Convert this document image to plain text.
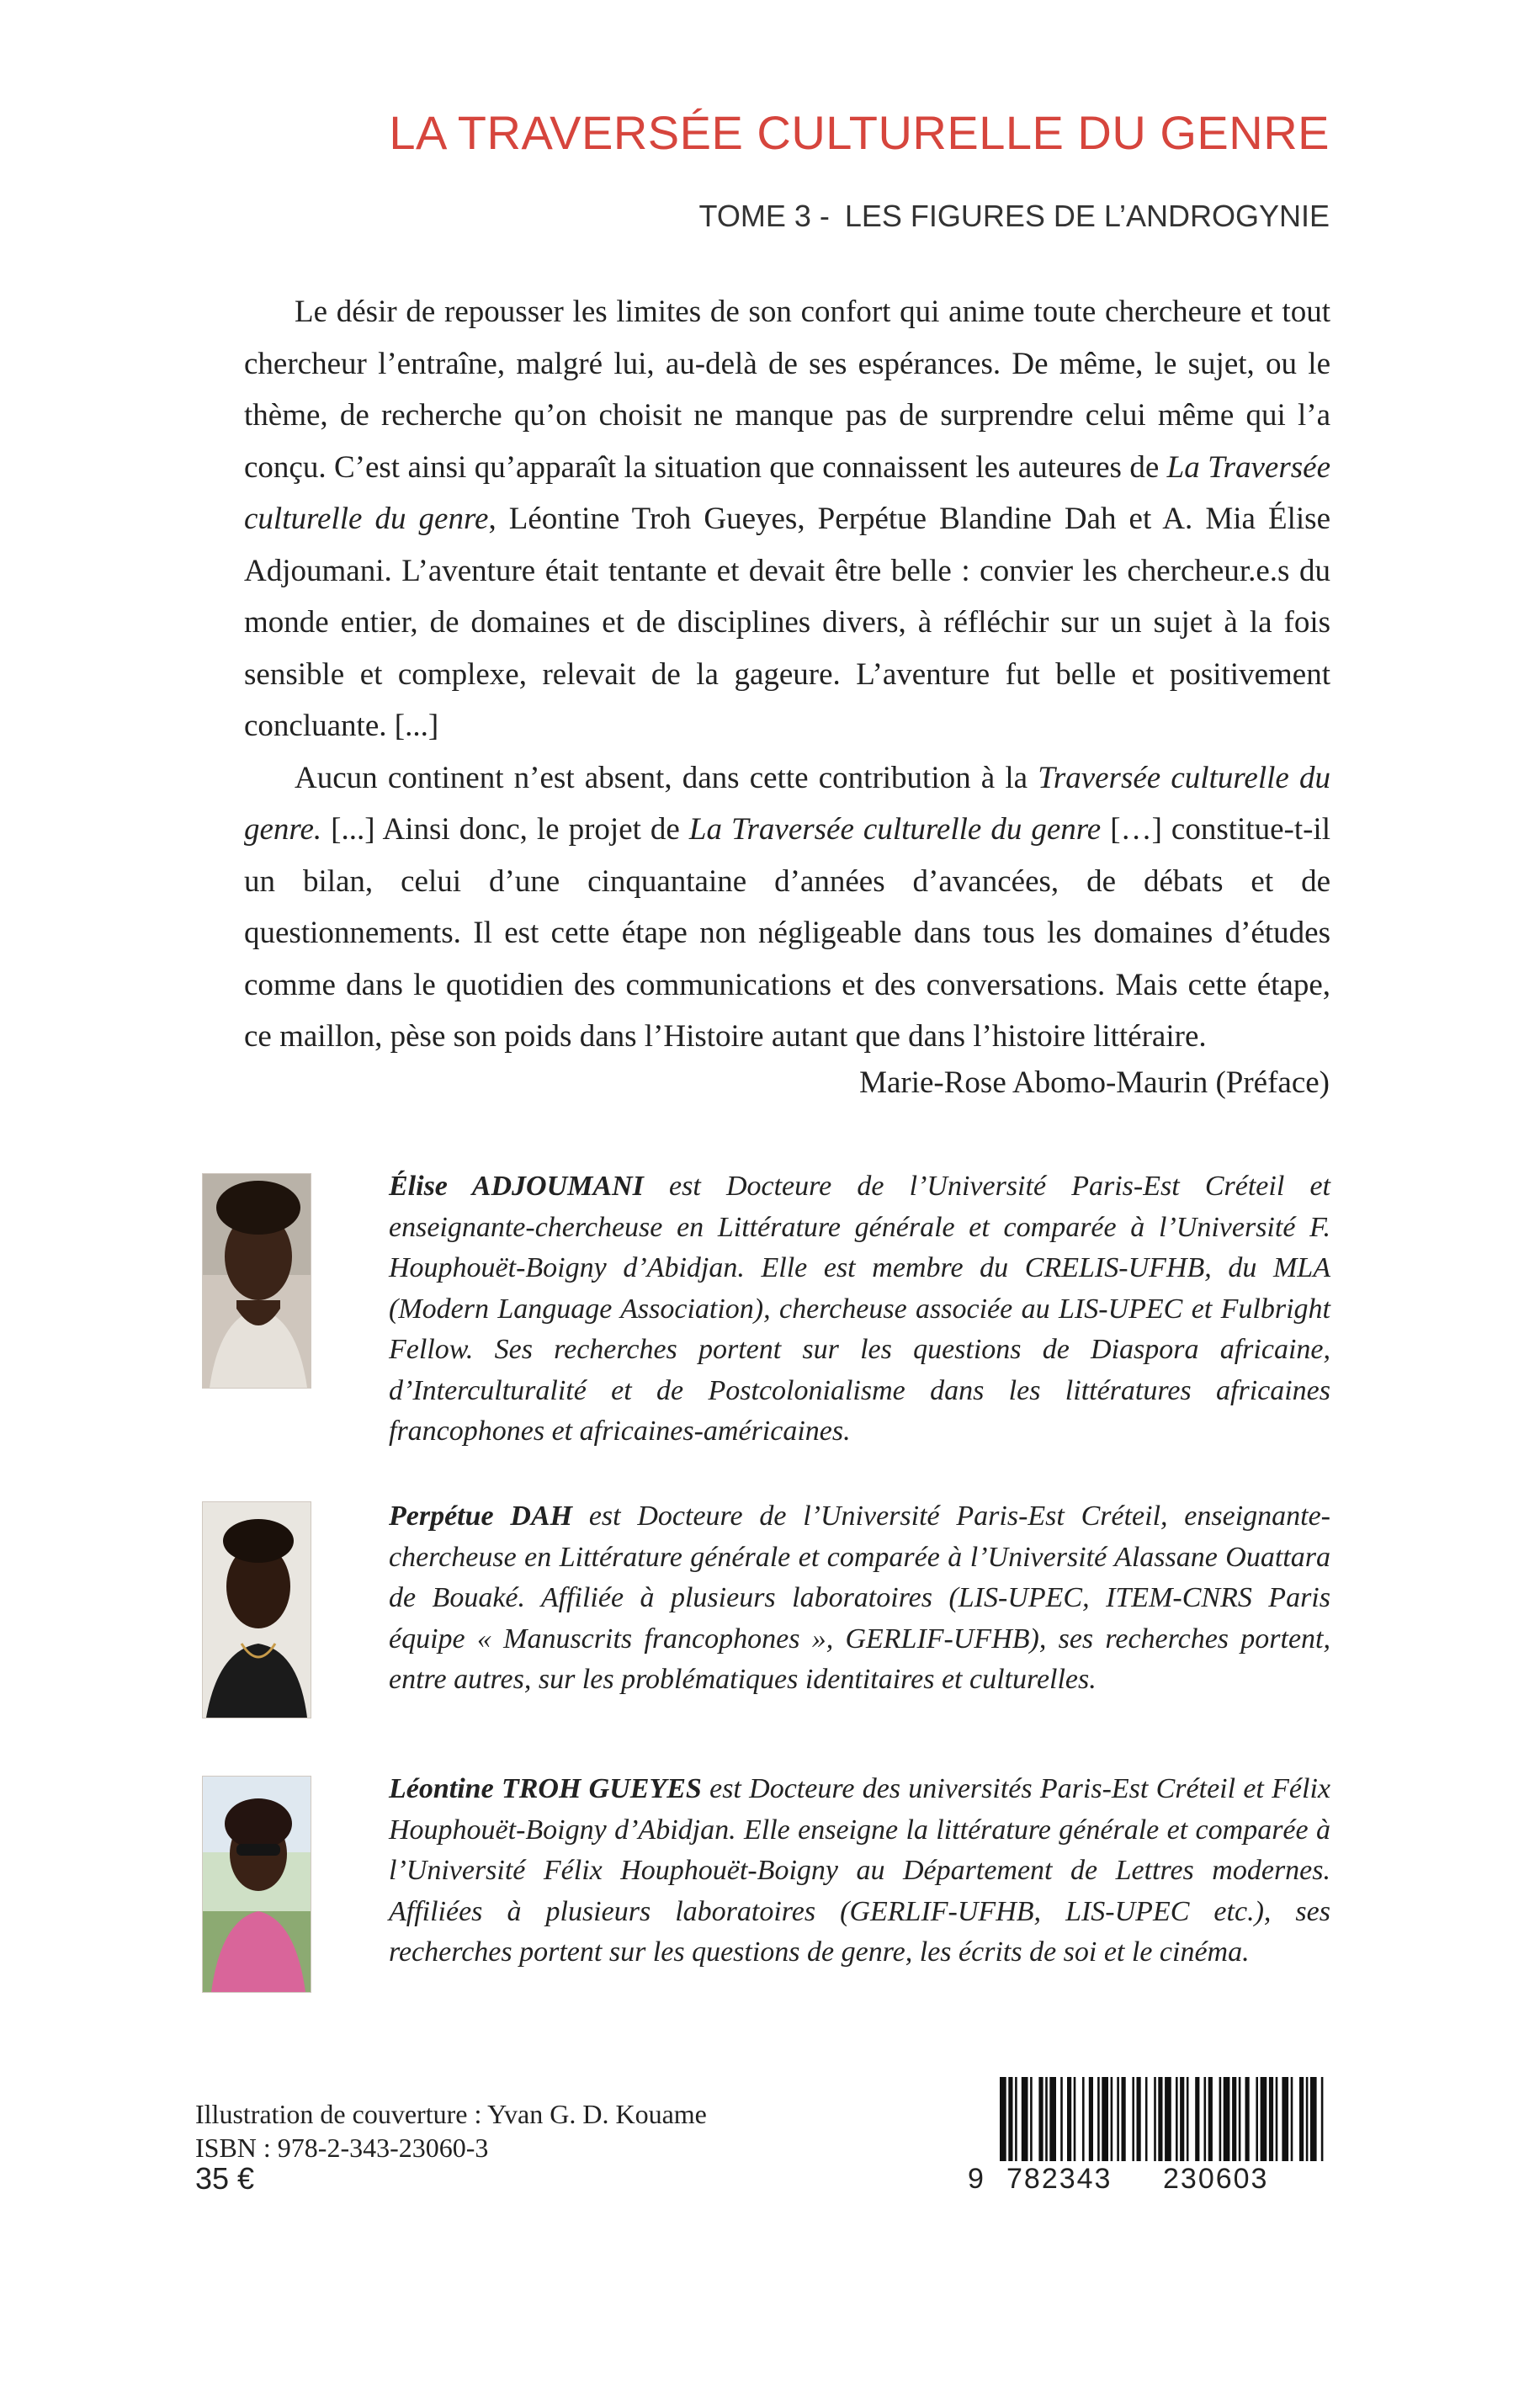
LA TRAVERSÉE CULTURELLE DU GENRE
TOME 3 - LES FIGURES DE L’ANDROGYNIE

Le désir de repousser les limites de son confort qui anime toute chercheure et tout chercheur l’entraîne, malgré lui, au-delà de ses espérances. De même, le sujet, ou le thème, de recherche qu’on choisit ne manque pas de surprendre celui même qui l’a conçu. C’est ainsi qu’apparaît la situation que connaissent les auteures de La Traversée culturelle du genre, Léontine Troh Gueyes, Perpétue Blandine Dah et A. Mia Élise Adjoumani. L’aventure était tentante et devait être belle : convier les chercheur.e.s du monde entier, de domaines et de disciplines divers, à réfléchir sur un sujet à la fois sensible et complexe, relevait de la gageure. L’aventure fut belle et positivement concluante. [...]

Aucun continent n’est absent, dans cette contribution à la Traversée culturelle du genre. [...] Ainsi donc, le projet de La Traversée culturelle du genre […] constitue-t-il un bilan, celui d’une cinquantaine d’années d’avancées, de débats et de questionnements. Il est cette étape non négligeable dans tous les domaines d’études comme dans le quotidien des communications et des conversations. Mais cette étape, ce maillon, pèse son poids dans l’Histoire autant que dans l’histoire littéraire.

Marie-Rose Abomo-Maurin (Préface)
Élise ADJOUMANI est Docteure de l’Université Paris-Est Créteil et enseignante-chercheuse en Littérature générale et comparée à l’Université F. Houphouët-Boigny d’Abidjan. Elle est membre du CRELIS-UFHB, du MLA (Modern Language Association), chercheuse associée au LIS-UPEC et Fulbright Fellow. Ses recherches portent sur les questions de Diaspora africaine, d’Interculturalité et de Postcolonialisme dans les littératures africaines francophones et africaines-américaines.
Perpétue DAH est Docteure de l’Université Paris-Est Créteil, enseignante-chercheuse en Littérature générale et comparée à l’Université Alassane Ouattara de Bouaké. Affiliée à plusieurs laboratoires (LIS-UPEC, ITEM-CNRS Paris équipe « Manuscrits francophones », GERLIF-UFHB), ses recherches portent, entre autres, sur les problématiques identitaires et culturelles.
Léontine TROH GUEYES est Docteure des universités Paris-Est Créteil et Félix Houphouët-Boigny d’Abidjan. Elle enseigne la littérature générale et comparée à l’Université Félix Houphouët-Boigny au Département de Lettres modernes. Affiliées à plusieurs laboratoires (GERLIF-UFHB, LIS-UPEC etc.), ses recherches portent sur les questions de genre, les écrits de soi et le cinéma.
Illustration de couverture : Yvan G. D. Kouame
ISBN : 978-2-343-23060-3
35 €	9 782343 230603
